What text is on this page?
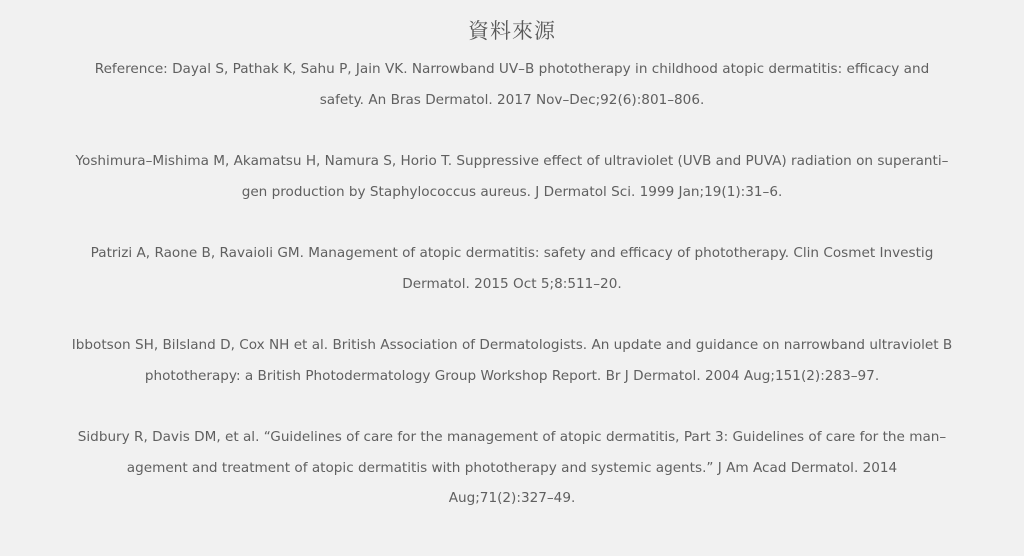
資料來源
Reference: Dayal S, Pathak K, Sahu P, Jain VK. Narrowband UV–B phototherapy in childhood atopic dermatitis: efficacy and
safety. An Bras Dermatol. 2017 Nov–Dec;92(6):801–806.
Yoshimura–Mishima M, Akamatsu H, Namura S, Horio T. Suppressive effect of ultraviolet (UVB and PUVA) radiation on superanti–
gen production by Staphylococcus aureus. J Dermatol Sci. 1999 Jan;19(1):31–6.
Patrizi A, Raone B, Ravaioli GM. Management of atopic dermatitis: safety and efficacy of phototherapy. Clin Cosmet Investig
Dermatol. 2015 Oct 5;8:511–20.
Ibbotson SH, Bilsland D, Cox NH et al. British Association of Dermatologists. An update and guidance on narrowband ultraviolet B
phototherapy: a British Photodermatology Group Workshop Report. Br J Dermatol. 2004 Aug;151(2):283–97.
Sidbury R, Davis DM, et al. “Guidelines of care for the management of atopic dermatitis, Part 3: Guidelines of care for the man–
agement and treatment of atopic dermatitis with phototherapy and systemic agents.” J Am Acad Dermatol. 2014
Aug;71(2):327–49.
